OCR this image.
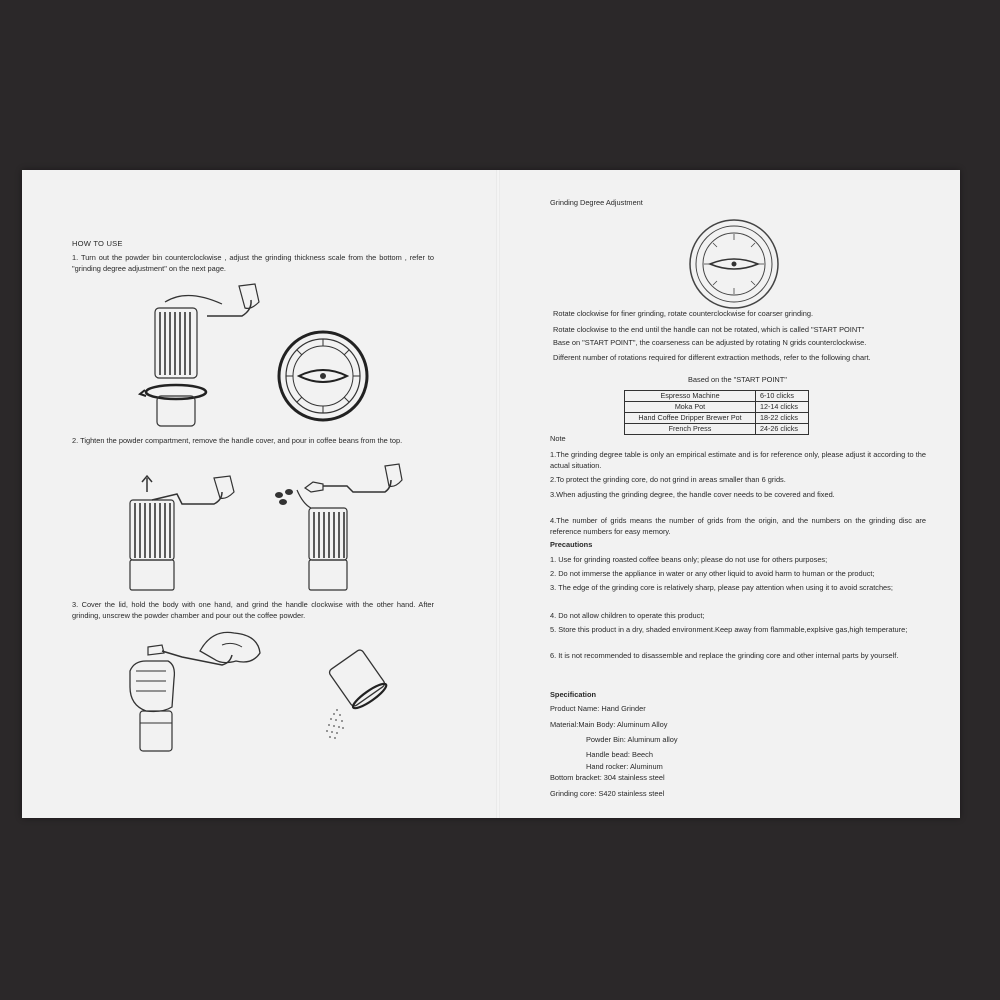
HOW TO USE
1. Turn out the powder bin counterclockwise , adjust the grinding thickness scale from the bottom , refer to "grinding degree adjustment" on the next page.
2. Tighten the powder compartment, remove the handle cover, and pour in coffee beans from the top.
3. Cover the lid, hold the body with one hand, and grind the handle clockwise with the other hand. After grinding, unscrew the powder chamber and pour out the coffee powder.
Grinding Degree Adjustment
Rotate clockwise for finer grinding, rotate counterclockwise for coarser grinding.
Rotate clockwise to the end until the handle can not be rotated, which is called "START POINT"
Base on "START POINT", the coarseness can be adjusted by rotating N grids counterclockwise.
Different number of rotations required for different extraction methods, refer to the following chart.
Based on the "START POINT"
Espresso Machine	6-10 clicks
Moka Pot	12-14 clicks
Hand Coffee Dripper Brewer Pot	18-22 clicks
French Press	24-26 clicks
Note
1.The grinding degree table is only an empirical estimate and is for reference only, please adjust it according to the actual situation.
2.To protect the grinding core, do not grind in areas smaller than 6 grids.
3.When adjusting the grinding degree, the handle cover needs to be covered and fixed.
4.The number of grids means the number of grids from the origin, and the numbers on the grinding disc are reference numbers for easy memory.
Precautions
1. Use for grinding roasted coffee beans only; please do not use for others purposes;
2. Do not immerse the appliance in water or any other liquid to avoid harm to human or the product;
3. The edge of the grinding core is relatively sharp, please pay attention when using it to avoid scratches;
4. Do not allow children to operate this product;
5. Store this product in a dry, shaded environment.Keep away from flammable,explsive gas,high temperature;
6. It is not recommended to disassemble and replace the grinding core and other internal parts by yourself.
Specification
Product Name: Hand Grinder
Material:Main Body: Aluminum Alloy
Powder Bin: Aluminum alloy
Handle bead: Beech
Hand rocker: Aluminum
Bottom bracket: 304 stainless steel
Grinding core: S420 stainless steel
